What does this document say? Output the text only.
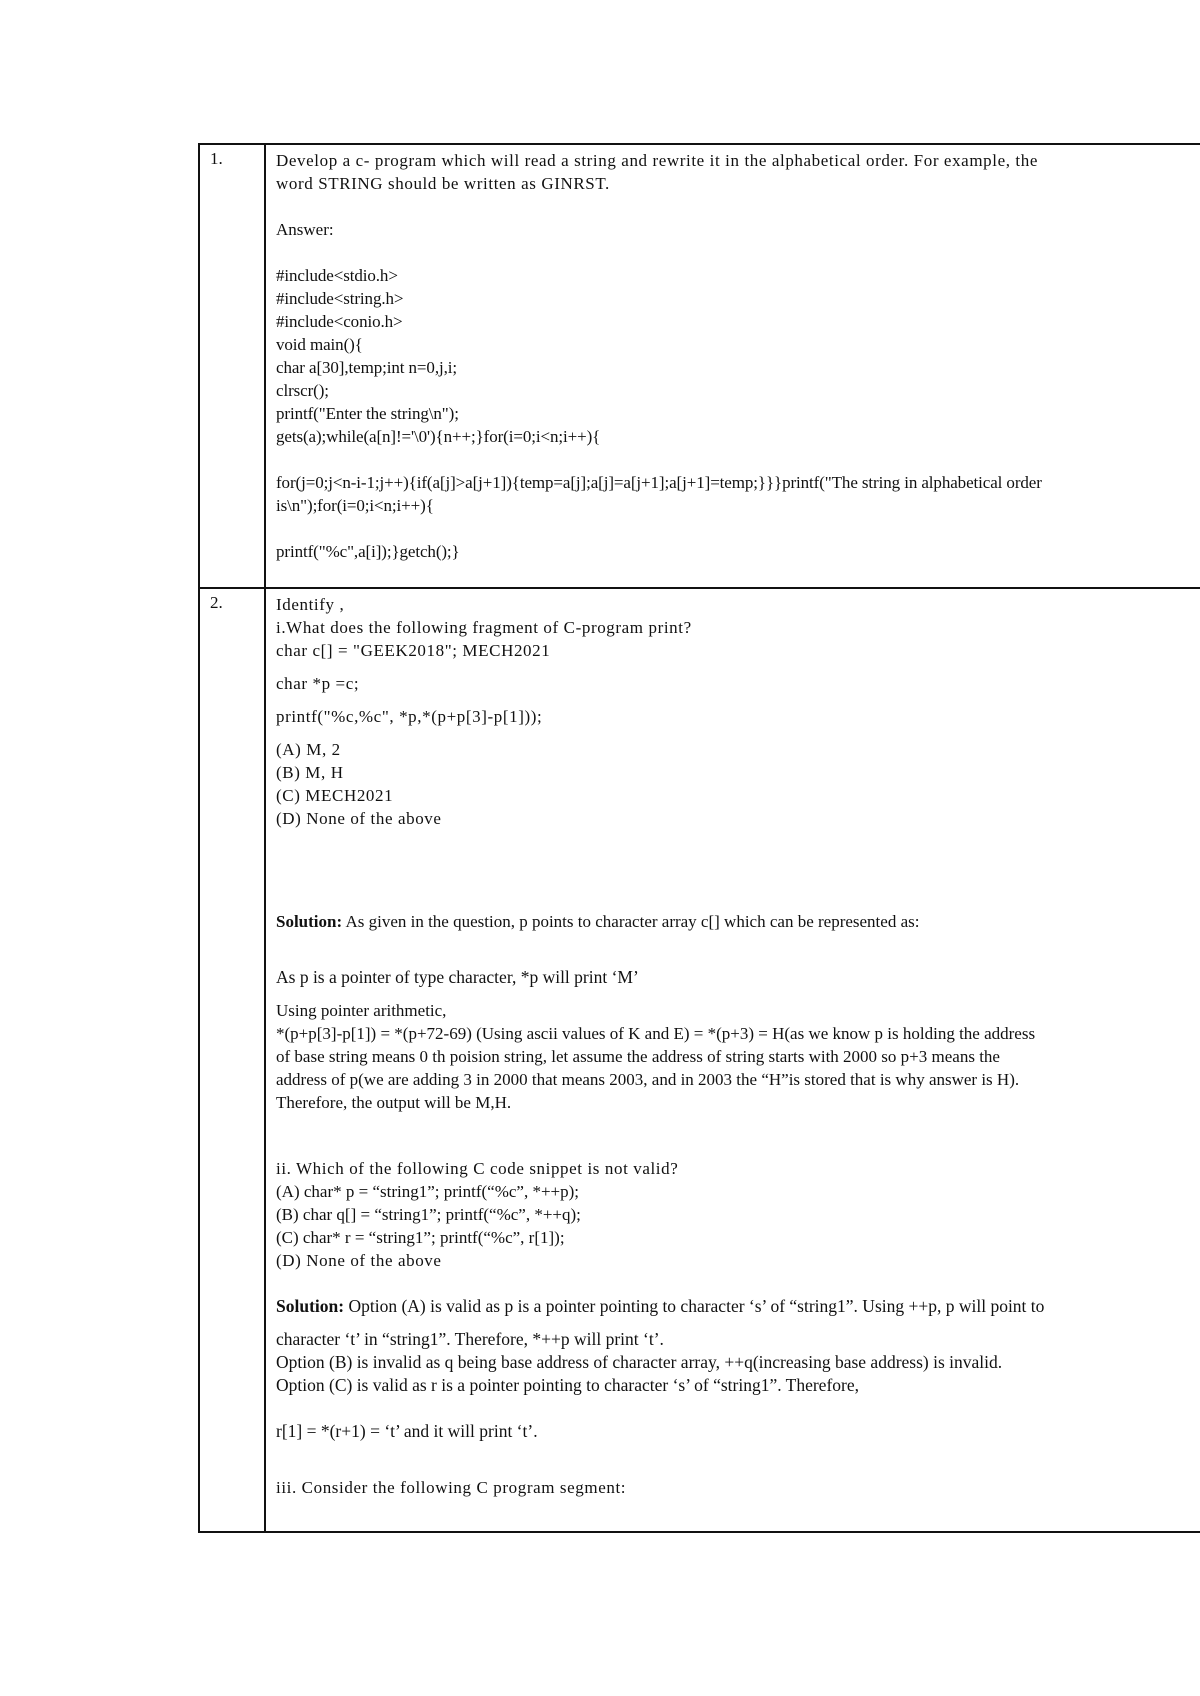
1.	Develop a c- program which will read a string and rewrite it in the alphabetical order. For example, the
word STRING should be written as GINRST.
Answer:
#include<stdio.h>
#include<string.h>
#include<conio.h>
void main(){
char a[30],temp;int n=0,j,i;
clrscr();
printf("Enter the string\n");
gets(a);while(a[n]!='\0'){n++;}for(i=0;i<n;i++){
for(j=0;j<n-i-1;j++){if(a[j]>a[j+1]){temp=a[j];a[j]=a[j+1];a[j+1]=temp;}}}printf("The string in alphabetical order
is\n");for(i=0;i<n;i++){
printf("%c",a[i]);}getch();}
2.	Identify ,
i.What does the following fragment of C-program print?
char c[] = "GEEK2018"; MECH2021
char *p =c;
printf("%c,%c", *p,*(p+p[3]-p[1]));
(A) M, 2
(B) M, H
(C) MECH2021
(D) None of the above
Solution: As given in the question, p points to character array c[] which can be represented as:
As p is a pointer of type character, *p will print ‘M’
Using pointer arithmetic,
*(p+p[3]-p[1]) = *(p+72-69) (Using ascii values of K and E) = *(p+3) = H(as we know p is holding the address
of base string means 0 th poision string, let assume the address of string starts with 2000 so p+3 means the
address of p(we are adding 3 in 2000 that means 2003, and in 2003 the “H”is stored that is why answer is H).
Therefore, the output will be M,H.
ii. Which of the following C code snippet is not valid?
(A) char* p = “string1”; printf(“%c”, *++p);
(B) char q[] = “string1”; printf(“%c”, *++q);
(C) char* r = “string1”; printf(“%c”, r[1]);
(D) None of the above
Solution: Option (A) is valid as p is a pointer pointing to character ‘s’ of “string1”. Using ++p, p will point to
character ‘t’ in “string1”. Therefore, *++p will print ‘t’.
Option (B) is invalid as q being base address of character array, ++q(increasing base address) is invalid.
Option (C) is valid as r is a pointer pointing to character ‘s’ of “string1”. Therefore,
r[1] = *(r+1) = ‘t’ and it will print ‘t’.
iii. Consider the following C program segment:
